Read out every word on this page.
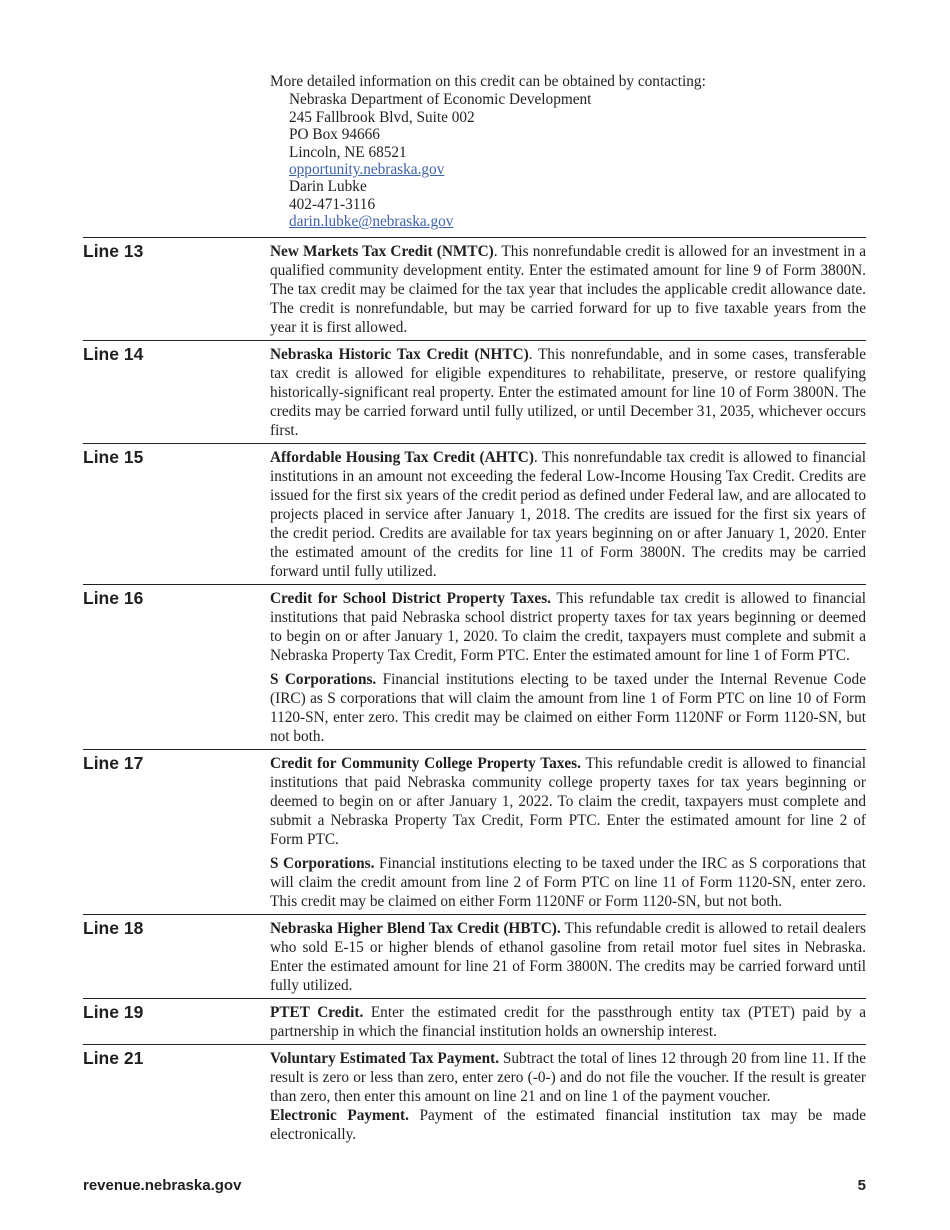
More detailed information on this credit can be obtained by contacting:
Nebraska Department of Economic Development
245 Fallbrook Blvd, Suite 002
PO Box 94666
Lincoln, NE 68521
opportunity.nebraska.gov
Darin Lubke
402-471-3116
darin.lubke@nebraska.gov
Line 13	New Markets Tax Credit (NMTC). This nonrefundable credit is allowed for an investment in a qualified community development entity. Enter the estimated amount for line 9 of Form 3800N. The tax credit may be claimed for the tax year that includes the applicable credit allowance date. The credit is nonrefundable, but may be carried forward for up to five taxable years from the year it is first allowed.

Line 14	Nebraska Historic Tax Credit (NHTC). This nonrefundable, and in some cases, transferable tax credit is allowed for eligible expenditures to rehabilitate, preserve, or restore qualifying historically-significant real property. Enter the estimated amount for line 10 of Form 3800N. The credits may be carried forward until fully utilized, or until December 31, 2035, whichever occurs first.

Line 15	Affordable Housing Tax Credit (AHTC). This nonrefundable tax credit is allowed to financial institutions in an amount not exceeding the federal Low-Income Housing Tax Credit. Credits are issued for the first six years of the credit period as defined under Federal law, and are allocated to projects placed in service after January 1, 2018. The credits are issued for the first six years of the credit period. Credits are available for tax years beginning on or after January 1, 2020. Enter the estimated amount of the credits for line 11 of Form 3800N. The credits may be carried forward until fully utilized.

Line 16	Credit for School District Property Taxes. This refundable tax credit is allowed to financial institutions that paid Nebraska school district property taxes for tax years beginning or deemed to begin on or after January 1, 2020. To claim the credit, taxpayers must complete and submit a Nebraska Property Tax Credit, Form PTC. Enter the estimated amount for line 1 of Form PTC.

S Corporations. Financial institutions electing to be taxed under the Internal Revenue Code (IRC) as S corporations that will claim the amount from line 1 of Form PTC on line 10 of Form 1120-SN, enter zero. This credit may be claimed on either Form 1120NF or Form 1120-SN, but not both.

Line 17	Credit for Community College Property Taxes. This refundable credit is allowed to financial institutions that paid Nebraska community college property taxes for tax years beginning or deemed to begin on or after January 1, 2022. To claim the credit, taxpayers must complete and submit a Nebraska Property Tax Credit, Form PTC. Enter the estimated amount for line 2 of Form PTC.

S Corporations. Financial institutions electing to be taxed under the IRC as S corporations that will claim the credit amount from line 2 of Form PTC on line 11 of Form 1120-SN, enter zero. This credit may be claimed on either Form 1120NF or Form 1120-SN, but not both.

Line 18	Nebraska Higher Blend Tax Credit (HBTC). This refundable credit is allowed to retail dealers who sold E-15 or higher blends of ethanol gasoline from retail motor fuel sites in Nebraska. Enter the estimated amount for line 21 of Form 3800N. The credits may be carried forward until fully utilized.

Line 19	PTET Credit. Enter the estimated credit for the passthrough entity tax (PTET) paid by a partnership in which the financial institution holds an ownership interest.

Line 21	Voluntary Estimated Tax Payment. Subtract the total of lines 12 through 20 from line 11. If the result is zero or less than zero, enter zero (-0-) and do not file the voucher. If the result is greater than zero, then enter this amount on line 21 and on line 1 of the payment voucher.

Electronic Payment. Payment of the estimated financial institution tax may be made electronically.

revenue.nebraska.gov	5
